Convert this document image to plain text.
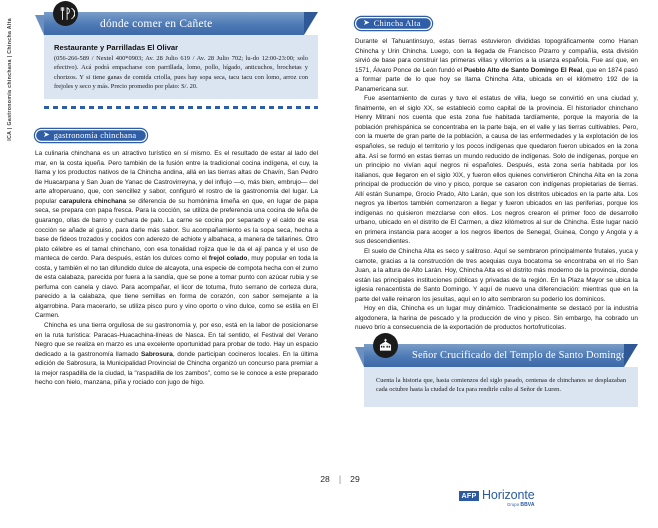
ICA | Gastronomía chinchana | Chincha Alta	dónde comer en Cañete
Restaurante y Parrilladas El Olivar
(056-266-589 / Nextel 400*0903; Av. 28 Julio 619 / Av. 28 Julio 702; lu-do 12:00-23:00; solo efectivo). Acá podrá empacharse con parrillada, lomo, pollo, hígado, anticuchos, brochetas y chorizos. Y si tiene ganas de comida criolla, pues hay sopa seca, tacu tacu con lomo, arroz con frejoles y seco y más. Precio promedio por plato: S/. 20.
➤ gastronomía chinchana

La culinaria chinchana es un atractivo turístico en sí mismo. Es el resultado de estar al lado del mar, en la costa iqueña. Pero también de la fusión entre la tradicional cocina indígena, el cuy, la llama y los productos nativos de la Chincha andina, allá en las tierras altas de Chavín, San Pedro de Huacarpana y San Juan de Yanac de Castrovirreyna, y del influjo —o, más bien, embrujo— del arte afroperuano, que, con sencillez y sabor, configuró el rostro de la gastronomía del lugar. La popular carapulcra chinchana se diferencia de su homónima limeña en que, en lugar de papa seca, se prepara con papa fresca. Para la cocción, se utiliza de preferencia una cocina de leña de guarango, ollas de barro y cuchara de palo. La carne se cocina por separado y el caldo de esa cocción se añade al guiso, para darle más sabor. Su acompañamiento es la sopa seca, hecha a base de fideos trozados y cocidos con aderezo de achiote y albahaca, a manera de tallarines. Otro plato célebre es el tamal chinchano, con esa tonalidad rojiza que le da el ají panca y el uso de manteca de cerdo. Para después, están los dulces como el frejol colado, muy popular en toda la costa, y también el no tan difundido dulce de alcayota, una especie de compota hecha con el zumo de esta calabaza, parecida por fuera a la sandía, que se pone a tomar punto con azúcar rubia y se perfuma con canela y clavo. Para acompañar, el licor de totuma, fruto serrano de corteza dura, parecido a la calabaza, que tiene semillas en forma de corazón, con sabor semejante a la algarrobina. Para macerarlo, se utiliza pisco puro y vino oporto o vino dulce, como se estila en El Carmen.

Chincha es una tierra orgullosa de su gastronomía y, por eso, está en la labor de posicionarse en la ruta turística: Paracas-Huacachina-líneas de Nasca. En tal sentido, el Festival del Verano Negro que se realiza en marzo es una excelente oportunidad para probar de todo. Hay un espacio dedicado a la gastronomía llamado Sabrosura, donde participan cocineros locales. En la última edición de Sabrosura, la Municipalidad Provincial de Chincha organizó un concurso para premiar a la mejor raspadilla de la ciudad, la "raspadilla de los zambos", como se le conoce a este preparado hecho con hielo, manzana, piña y rociado con jugo de higo.

➤ Chincha Alta

Durante el Tahuantinsuyo, estas tierras estuvieron divididas topográficamente como Hanan Chincha y Urin Chincha. Luego, con la llegada de Francisco Pizarro y compañía, esta división sirvió de base para construir las primeras villas y villorrios a la usanza española. Fue así que, en 1571, Álvaro Ponce de León fundó el Pueblo Alto de Santo Domingo El Real, que en 1874 pasó a formar parte de lo que hoy se llama Chincha Alta, ubicada en el kilómetro 192 de la Panamericana sur.

Fue asentamiento de curas y tuvo el estatus de villa, luego se convirtió en una ciudad y, finalmente, en el siglo XX, se estableció como capital de la provincia. El historiador chinchano Henry Mitrani nos cuenta que esta zona fue habitada tardíamente, porque la mayoría de la población prehispánica se concentraba en la parte baja, en el valle y las tierras cultivables. Pero, con la muerte de gran parte de la población, a causa de las enfermedades y la explotación de los españoles, se redujo el territorio y los pocos indígenas que quedaron fueron ubicados en la zona alta. Así se formó en estas tierras un mundo reducido de indígenas. Solo de indígenas, porque en un principio no vivían aquí negros ni españoles. Después, esta zona sería habitada por los italianos, que llegaron en el siglo XIX, y fueron ellos quienes convirtieron Chincha Alta en la zona principal de producción de vino y pisco, porque se casaron con indígenas propietarias de tierras. Allí están Sunampe, Grocio Prado, Alto Larán, que son los distritos ubicados en la parte alta. Los negros ya libertos también comenzaron a llegar y fueron ubicados en las periferias, porque los indígenas no quisieron mezclarse con ellos. Los negros crearon el primer foco de desarrollo urbano, ubicado en el distrito de El Carmen, a diez kilómetros al sur de Chincha. Este lugar nació en primera instancia para acoger a los negros libertos de Senegal, Guinea, Congo y Angola y a sus descendientes.

El suelo de Chincha Alta es seco y salitroso. Aquí se sembraron principalmente frutales, yuca y camote, gracias a la construcción de tres acequias cuya bocatoma se encontraba en el río San Juan, a la altura de Alto Larán. Hoy, Chincha Alta es el distrito más moderno de la provincia, donde están las principales instituciones públicas y privadas de la región. En la Plaza Mayor se ubica la iglesia renacentista de Santo Domingo. Y aquí de nuevo una diferenciación: mientras que en la parte del valle reinaron los jesuitas, aquí en lo alto sembraron su poderío los dominicos.

Hoy en día, Chincha es un lugar muy dinámico. Tradicionalmente se destacó por la industria algodonera, la harina de pescado y la producción de vino y pisco. Sin embargo, ha cobrado un nuevo brío a consecuencia de la exportación de productos hortofrutícolas.

Señor Crucificado del Templo de Santo Domingo
Cuenta la historia que, hasta comienzos del siglo pasado, centenas de chinchanos se desplazaban cada octubre hasta la ciudad de Ica para rendirle culto al Señor de Luren.
28 | 29
AFP Horizonte
Grupo BBVA
